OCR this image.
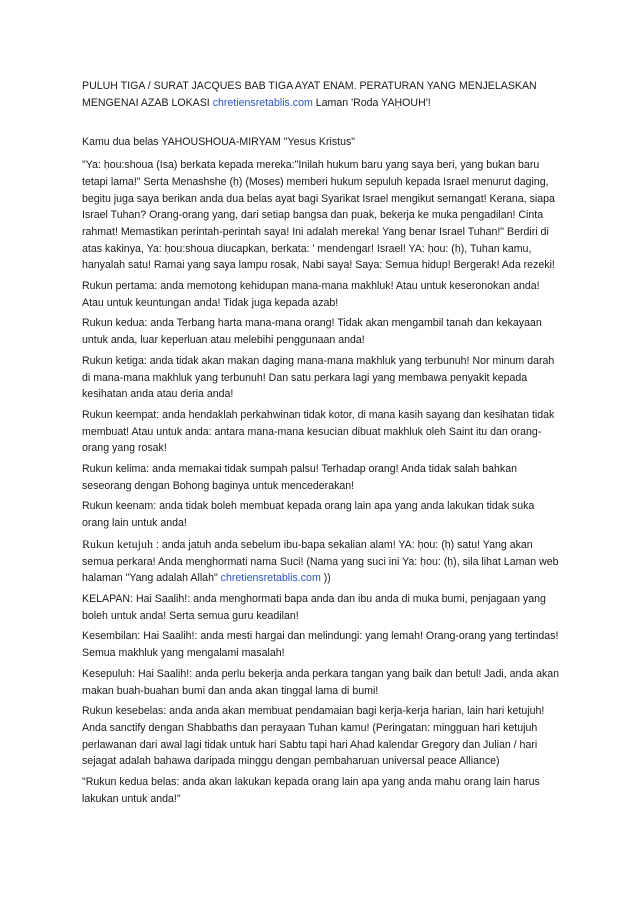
PULUH TIGA / SURAT JACQUES BAB TIGA AYAT ENAM. PERATURAN YANG MENJELASKAN MENGENAI AZAB LOKASI chretiensretablis.com Laman 'Roda YAḤOUH'!

Kamu dua belas YAHOUSHOUA-MIRYAM "Yesus Kristus"

"Ya: ḥou:shoua (Isa) berkata kepada mereka:"Inilah hukum baru yang saya beri, yang bukan baru tetapi lama!" Serta Menashshe (ḥ) (Moses) memberi hukum sepuluh kepada Israel menurut daging, begitu juga saya berikan anda dua belas ayat bagi Syarikat Israel mengikut semangat! Kerana, siapa Israel Tuhan? Orang-orang yang, dari setiap bangsa dan puak, bekerja ke muka pengadilan! Cinta rahmat! Memastikan perintah-perintah saya! Ini adalah mereka! Yang benar Israel Tuhan!" Berdiri di atas kakinya, Ya: ḥou:shoua diucapkan, berkata: ' mendengar! Israel! YA: ḥou: (ḥ), Tuhan kamu, hanyalah satu! Ramai yang saya lampu rosak, Nabi saya! Saya: Semua hidup! Bergerak! Ada rezeki!

Rukun pertama: anda memotong kehidupan mana-mana makhluk! Atau untuk keseronokan anda! Atau untuk keuntungan anda! Tidak juga kepada azab!

Rukun kedua: anda Terbang harta mana-mana orang! Tidak akan mengambil tanah dan kekayaan untuk anda, luar keperluan atau melebihi penggunaan anda!

Rukun ketiga: anda tidak akan makan daging mana-mana makhluk yang terbunuh! Nor minum darah di mana-mana makhluk yang terbunuh! Dan satu perkara lagi yang membawa penyakit kepada kesihatan anda atau deria anda!

Rukun keempat: anda hendaklah perkahwinan tidak kotor, di mana kasih sayang dan kesihatan tidak membuat! Atau untuk anda: antara mana-mana kesucian dibuat makhluk oleh Saint itu dan orang-orang yang rosak!

Rukun kelima: anda memakai tidak sumpah palsu! Terhadap orang! Anda tidak salah bahkan seseorang dengan Bohong baginya untuk mencederakan!

Rukun keenam: anda tidak boleh membuat kepada orang lain apa yang anda lakukan tidak suka orang lain untuk anda!

Rukun ketujuh : anda jatuh anda sebelum ibu-bapa sekalian alam! YA: ḥou: (ḥ) satu! Yang akan semua perkara! Anda menghormati nama Suci! (Nama yang suci ini Ya: ḥou: (ḥ), sila lihat Laman web halaman "Yang adalah Allah" chretiensretablis.com ))

KELAPAN: Hai Saalih!: anda menghormati bapa anda dan ibu anda di muka bumi, penjagaan yang boleh untuk anda! Serta semua guru keadilan!

Kesembilan: Hai Saalih!: anda mesti hargai dan melindungi: yang lemah! Orang-orang yang tertindas! Semua makhluk yang mengalami masalah!

Kesepuluh: Hai Saalih!: anda perlu bekerja anda perkara tangan yang baik dan betul! Jadi, anda akan makan buah-buahan bumi dan anda akan tinggal lama di bumi!

Rukun kesebelas: anda anda akan membuat pendamaian bagi kerja-kerja harian, lain hari ketujuh! Anda sanctify dengan Shabbaths dan perayaan Tuhan kamu! (Peringatan: mingguan hari ketujuh perlawanan dari awal lagi tidak untuk hari Sabtu tapi hari Ahad kalendar Gregory dan Julian / hari sejagat adalah bahawa daripada minggu dengan pembaharuan universal peace Alliance)

"Rukun kedua belas: anda akan lakukan kepada orang lain apa yang anda mahu orang lain harus lakukan untuk anda!"
